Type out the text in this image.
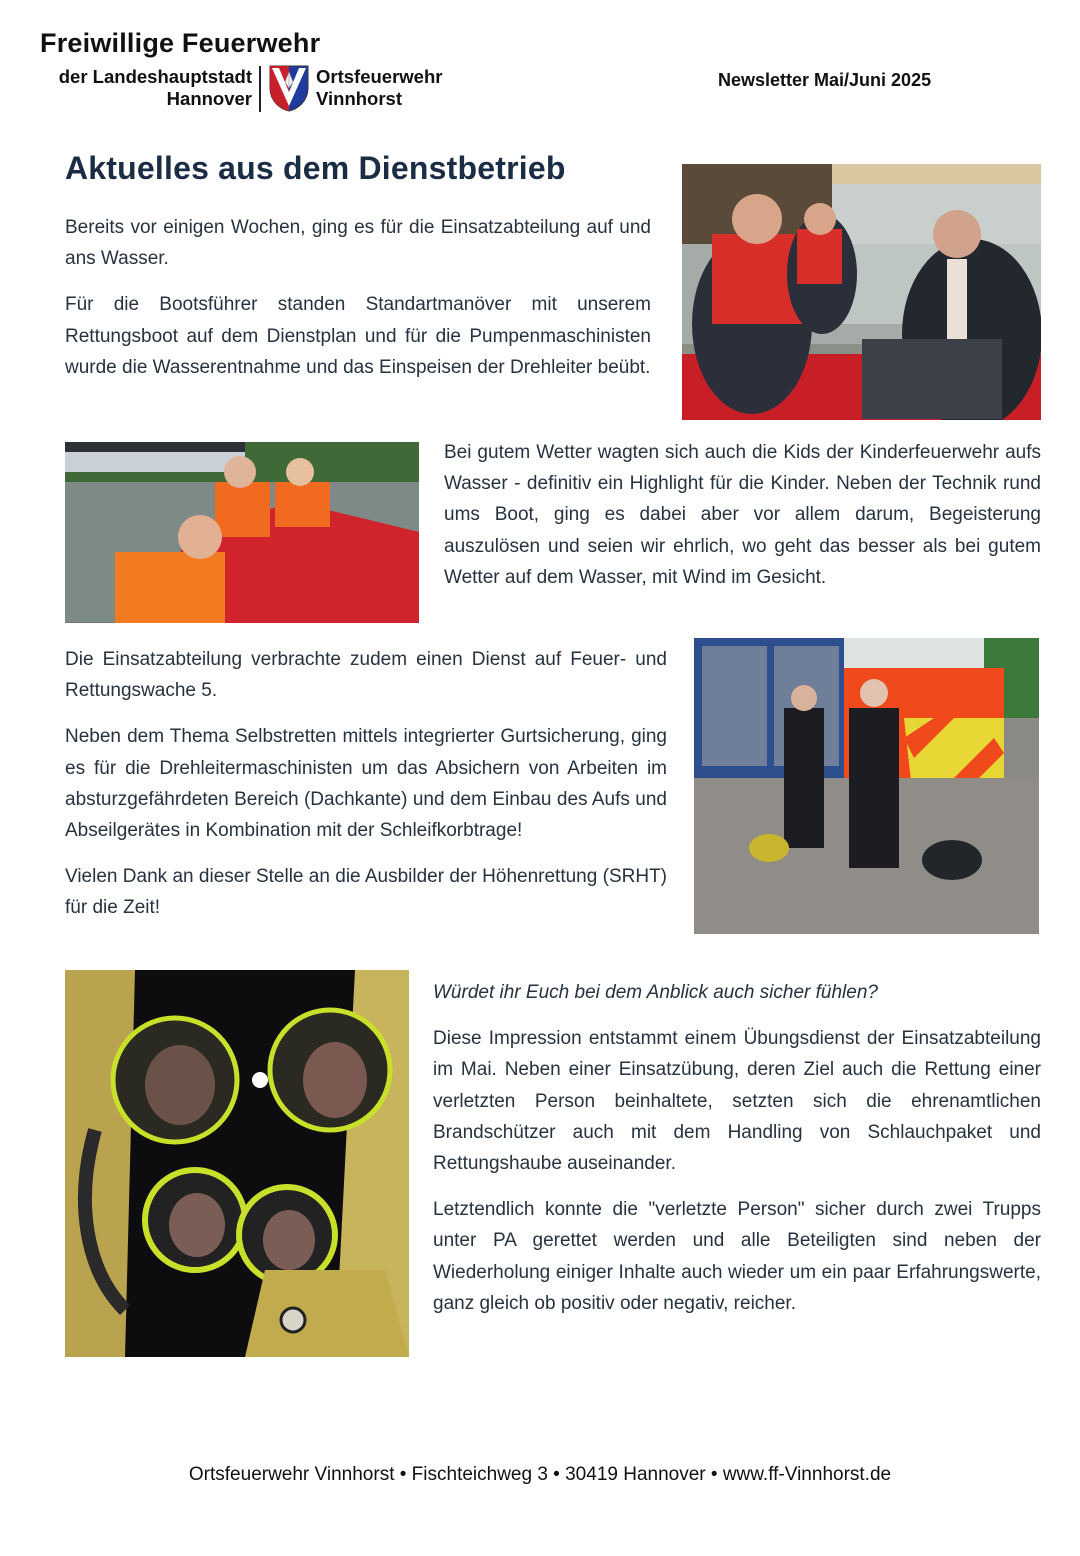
Freiwillige Feuerwehr
der Landeshauptstadt
Hannover
Ortsfeuerwehr
Vinnhorst
Newsletter Mai/Juni 2025
Aktuelles aus dem Dienstbetrieb

Bereits vor einigen Wochen, ging es für die Einsatzabteilung auf und ans Wasser.

Für die Bootsführer standen Standartmanöver mit unserem Rettungsboot auf dem Dienstplan und für die Pumpenmaschinisten wurde die Wasserentnahme und das Einspeisen der Drehleiter beübt.

Bei gutem Wetter wagten sich auch die Kids der Kinderfeuerwehr aufs Wasser - definitiv ein Highlight für die Kinder. Neben der Technik rund ums Boot, ging es dabei aber vor allem darum, Begeisterung auszulösen und seien wir ehrlich, wo geht das besser als bei gutem Wetter auf dem Wasser, mit Wind im Gesicht.

Die Einsatzabteilung verbrachte zudem einen Dienst auf Feuer- und Rettungswache 5.

Neben dem Thema Selbstretten mittels integrierter Gurtsicherung, ging es für die Drehleitermaschinisten um das Absichern von Arbeiten im absturzgefährdeten Bereich (Dachkante) und dem Einbau des Aufs und Abseilgerätes in Kombination mit der Schleifkorbtrage!

Vielen Dank an dieser Stelle an die Ausbilder der Höhenrettung (SRHT) für die Zeit!

Würdet ihr Euch bei dem Anblick auch sicher fühlen?

Diese Impression entstammt einem Übungsdienst der Einsatzabteilung im Mai. Neben einer Einsatzübung, deren Ziel auch die Rettung einer verletzten Person beinhaltete, setzten sich die ehrenamtlichen Brandschützer auch mit dem Handling von Schlauchpaket und Rettungshaube auseinander.

Letztendlich konnte die "verletzte Person" sicher durch zwei Trupps unter PA gerettet werden und alle Beteiligten sind neben der Wiederholung einiger Inhalte auch wieder um ein paar Erfahrungswerte, ganz gleich ob positiv oder negativ, reicher.

Ortsfeuerwehr Vinnhorst • Fischteichweg 3 • 30419 Hannover • www.ff-Vinnhorst.de
